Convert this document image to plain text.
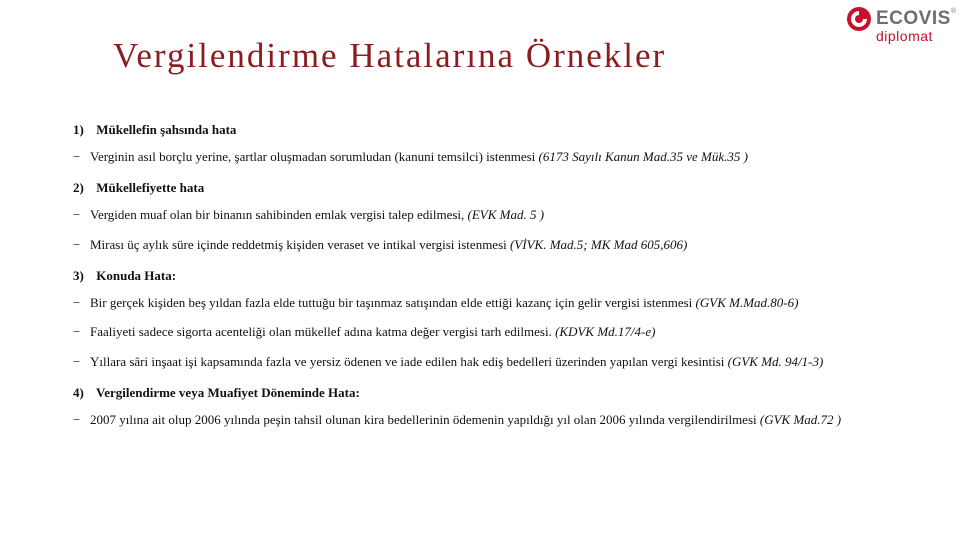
Vergilendirme Hatalarına Örnekler
ECOVIS®
diplomat

1) Mükellefin şahsında hata

− Verginin asıl borçlu yerine, şartlar oluşmadan sorumludan (kanuni temsilci) istenmesi (6173 Sayılı Kanun Mad.35 ve Mük.35 )

2) Mükellefiyette hata

− Vergiden muaf olan bir binanın sahibinden emlak vergisi talep edilmesi, (EVK Mad. 5 )
− Mirası üç aylık süre içinde reddetmiş kişiden veraset ve intikal vergisi istenmesi (VİVK. Mad.5; MK Mad 605,606)

3) Konuda Hata:

− Bir gerçek kişiden beş yıldan fazla elde tuttuğu bir taşınmaz satışından elde ettiği kazanç için gelir vergisi istenmesi (GVK M.Mad.80-6)
− Faaliyeti sadece sigorta acenteliği olan mükellef adına katma değer vergisi tarh edilmesi. (KDVK Md.17/4-e)
− Yıllara sâri inşaat işi kapsamında fazla ve yersiz ödenen ve iade edilen hak ediş bedelleri üzerinden yapılan vergi kesintisi (GVK Md. 94/1-3)

4) Vergilendirme veya Muafiyet Döneminde Hata:

− 2007 yılına ait olup 2006 yılında peşin tahsil olunan kira bedellerinin ödemenin yapıldığı yıl olan 2006 yılında vergilendirilmesi (GVK Mad.72 )
